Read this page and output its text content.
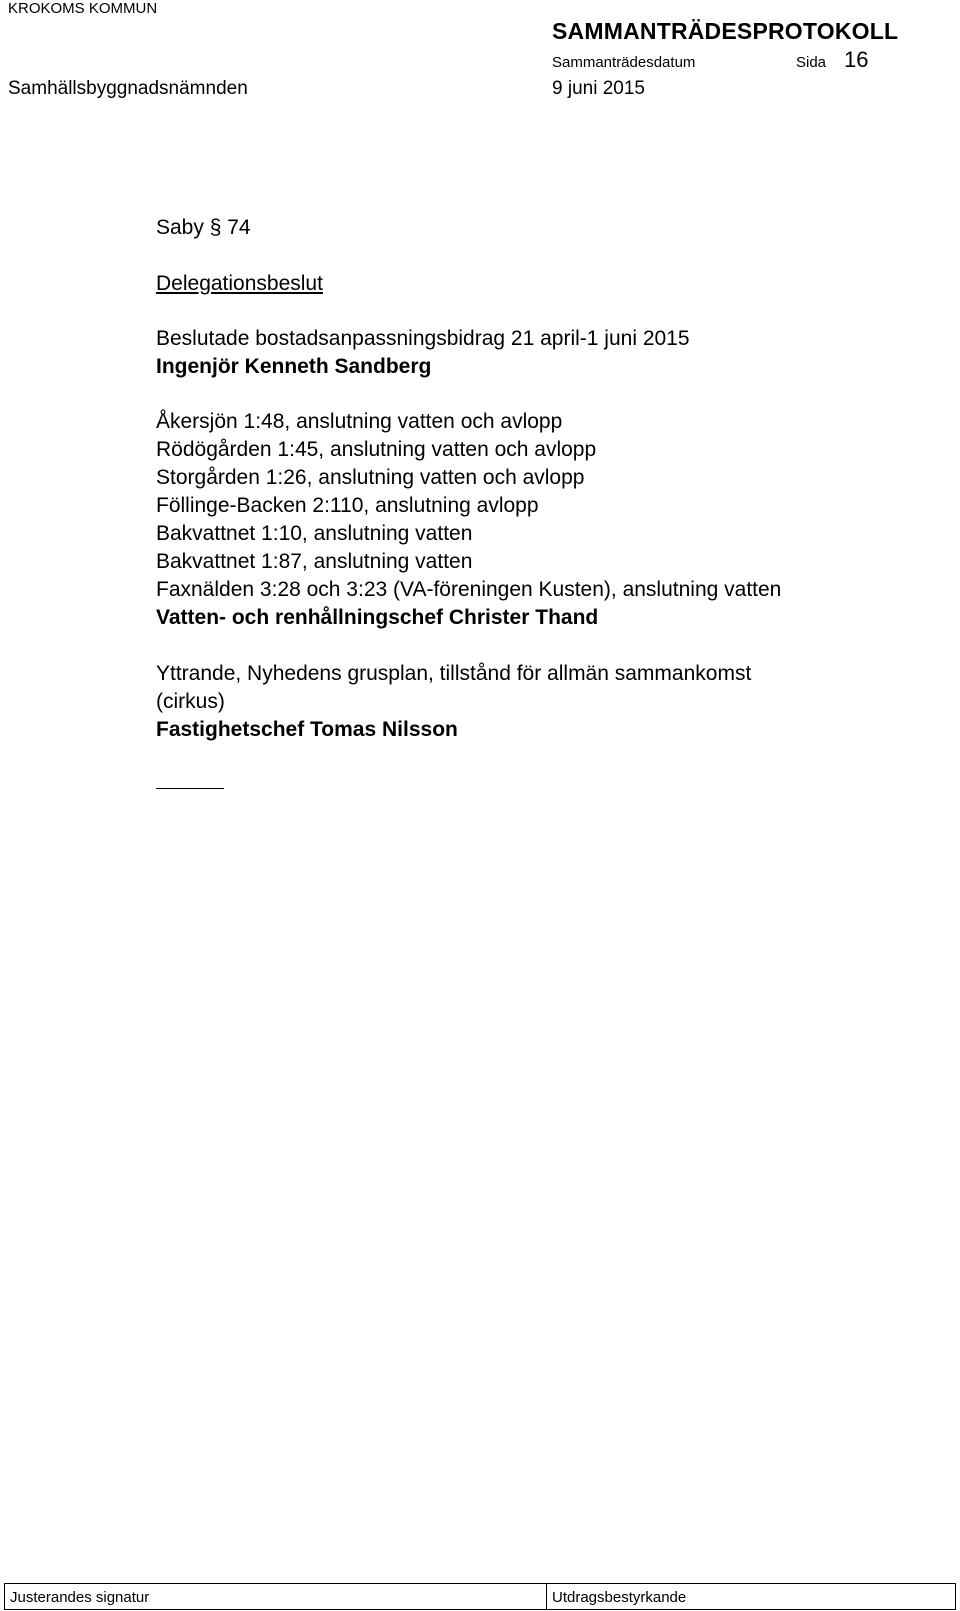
KROKOMS KOMMUN
SAMMANTRÄDESPROTOKOLL
Sammanträdesdatum	Sida 16
Samhällsbyggnadsnämnden	9 juni 2015
Saby § 74
Delegationsbeslut
Beslutade bostadsanpassningsbidrag 21 april-1 juni 2015
Ingenjör Kenneth Sandberg
Åkersjön 1:48, anslutning vatten och avlopp
Rödögården 1:45, anslutning vatten och avlopp
Storgården 1:26, anslutning vatten och avlopp
Föllinge-Backen 2:110, anslutning avlopp
Bakvattnet 1:10, anslutning vatten
Bakvattnet 1:87, anslutning vatten
Faxnälden 3:28 och 3:23 (VA-föreningen Kusten), anslutning vatten
Vatten- och renhållningschef Christer Thand
Yttrande, Nyhedens grusplan, tillstånd för allmän sammankomst
(cirkus)
Fastighetschef Tomas Nilsson
Justerandes signatur	Utdragsbestyrkande
